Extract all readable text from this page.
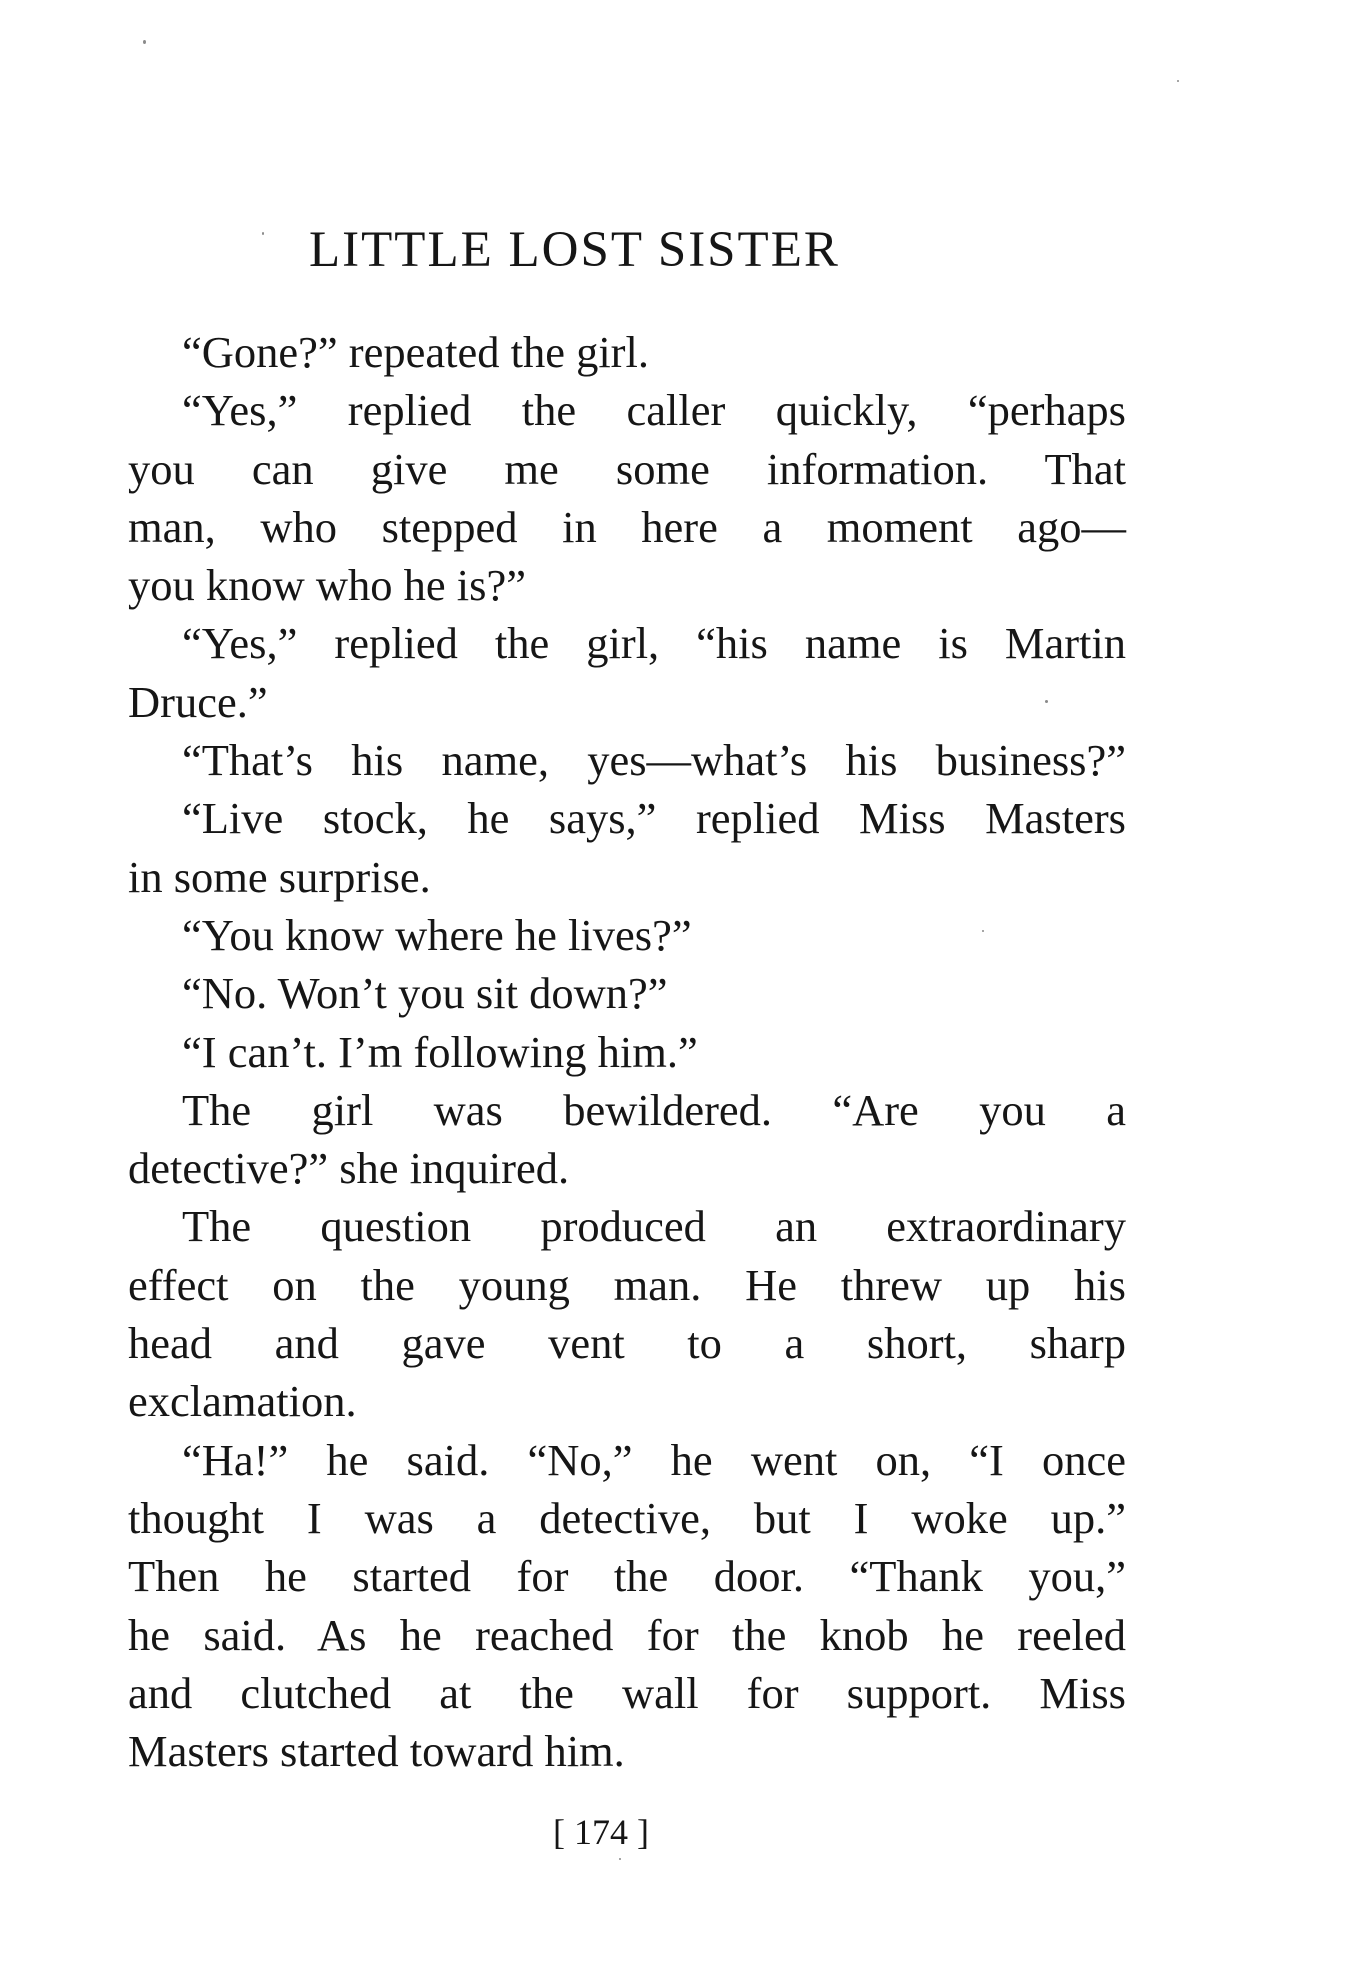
LITTLE LOST SISTER
“Gone?” repeated the girl.
“Yes,” replied the caller quickly, “perhaps
you can give me some information. That
man, who stepped in here a moment ago—
you know who he is?”
“Yes,” replied the girl, “his name is Martin
Druce.”
“That’s his name, yes—what’s his business?”
“Live stock, he says,” replied Miss Masters
in some surprise.
“You know where he lives?”
“No. Won’t you sit down?”
“I can’t. I’m following him.”
The girl was bewildered. “Are you a
detective?” she inquired.
The question produced an extraordinary
effect on the young man. He threw up his
head and gave vent to a short, sharp
exclamation.
“Ha!” he said. “No,” he went on, “I once
thought I was a detective, but I woke up.”
Then he started for the door. “Thank you,”
he said. As he reached for the knob he reeled
and clutched at the wall for support. Miss
Masters started toward him.
[ 174 ]
